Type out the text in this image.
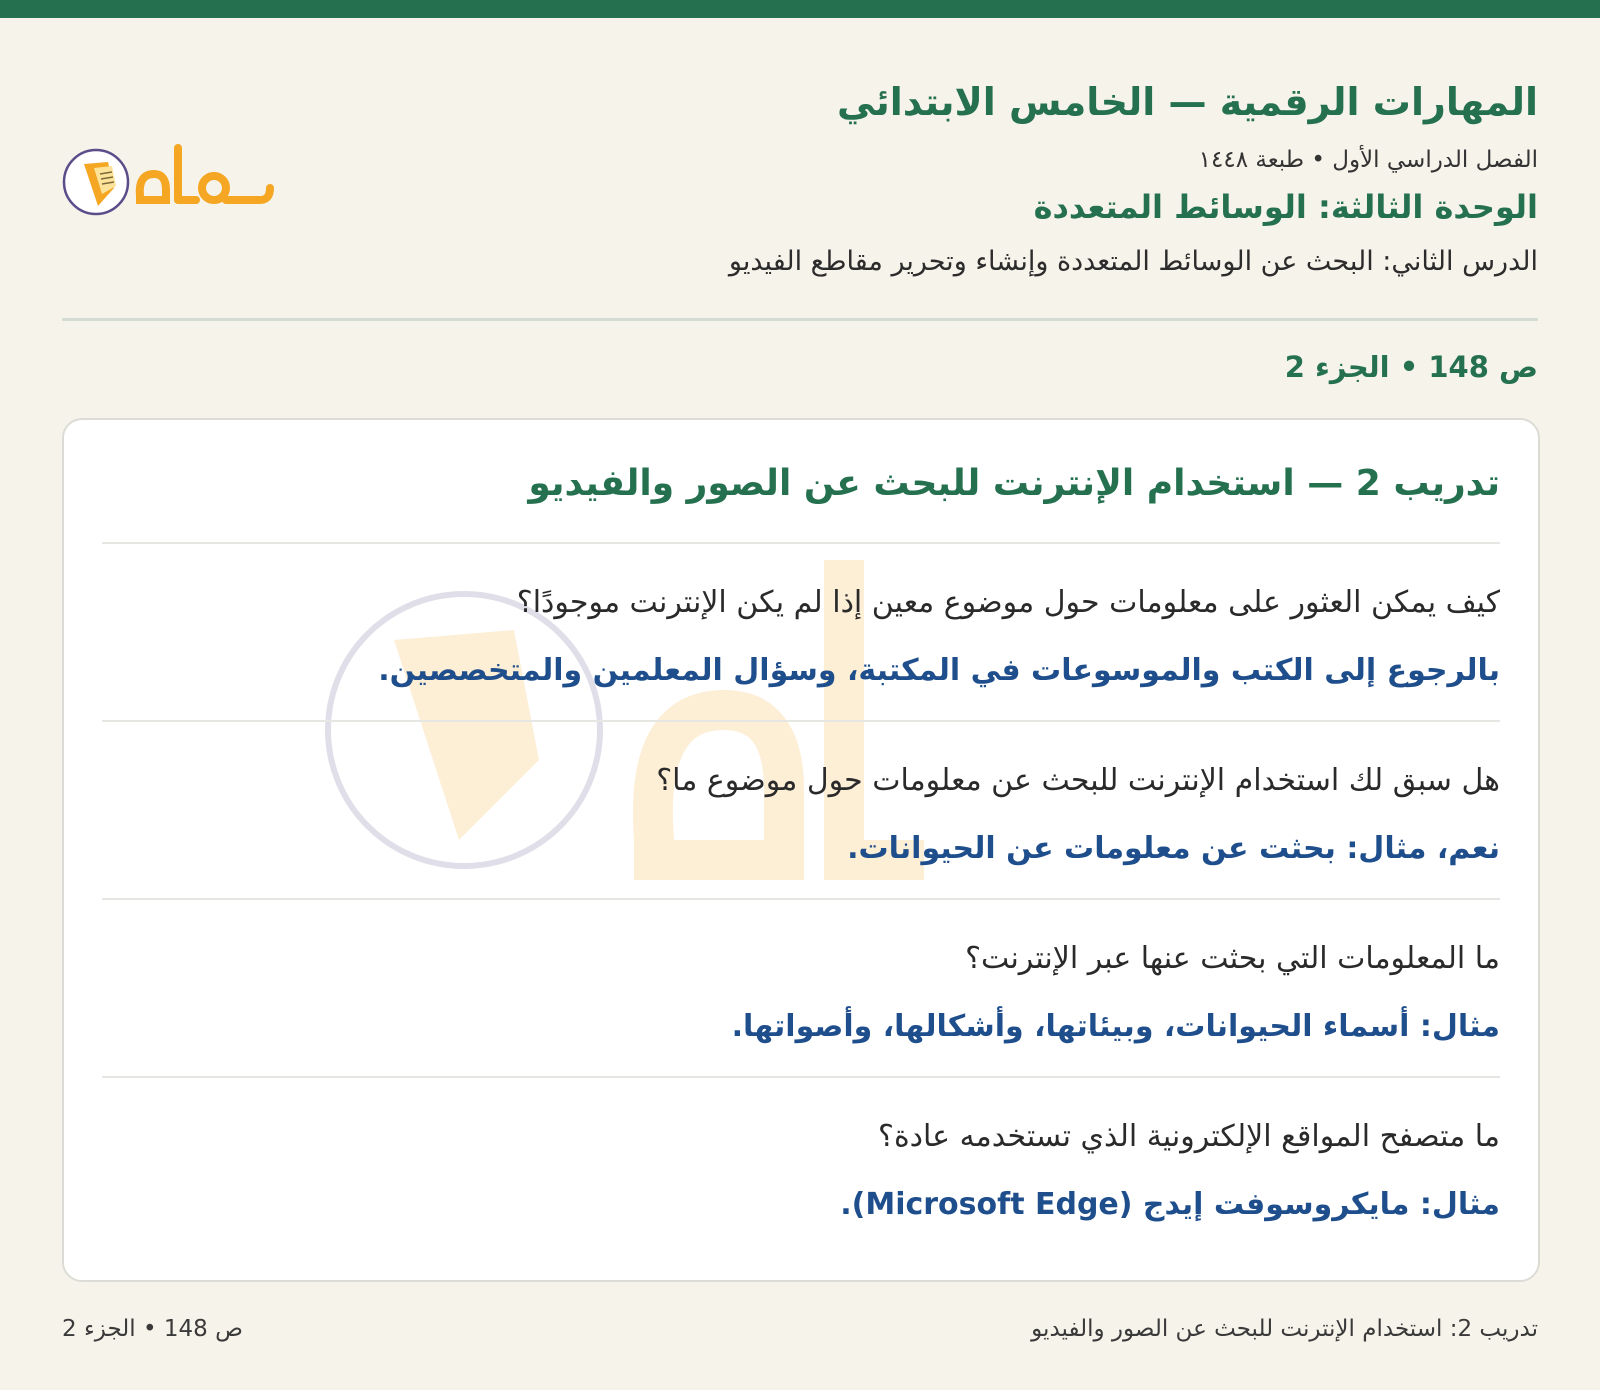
المهارات الرقمية — الخامس الابتدائي
الفصل الدراسي الأول • طبعة ١٤٤٨
الوحدة الثالثة: الوسائط المتعددة
الدرس الثاني: البحث عن الوسائط المتعددة وإنشاء وتحرير مقاطع الفيديو
ص 148 • الجزء 2
تدريب 2 — استخدام الإنترنت للبحث عن الصور والفيديو
كيف يمكن العثور على معلومات حول موضوع معين إذا لم يكن الإنترنت موجودًا؟
بالرجوع إلى الكتب والموسوعات في المكتبة، وسؤال المعلمين والمتخصصين.
هل سبق لك استخدام الإنترنت للبحث عن معلومات حول موضوع ما؟
نعم، مثال: بحثت عن معلومات عن الحيوانات.
ما المعلومات التي بحثت عنها عبر الإنترنت؟
مثال: أسماء الحيوانات، وبيئاتها، وأشكالها، وأصواتها.
ما متصفح المواقع الإلكترونية الذي تستخدمه عادة؟
مثال: مايكروسوفت إيدج (Microsoft Edge).
تدريب 2: استخدام الإنترنت للبحث عن الصور والفيديو
ص 148 • الجزء 2
